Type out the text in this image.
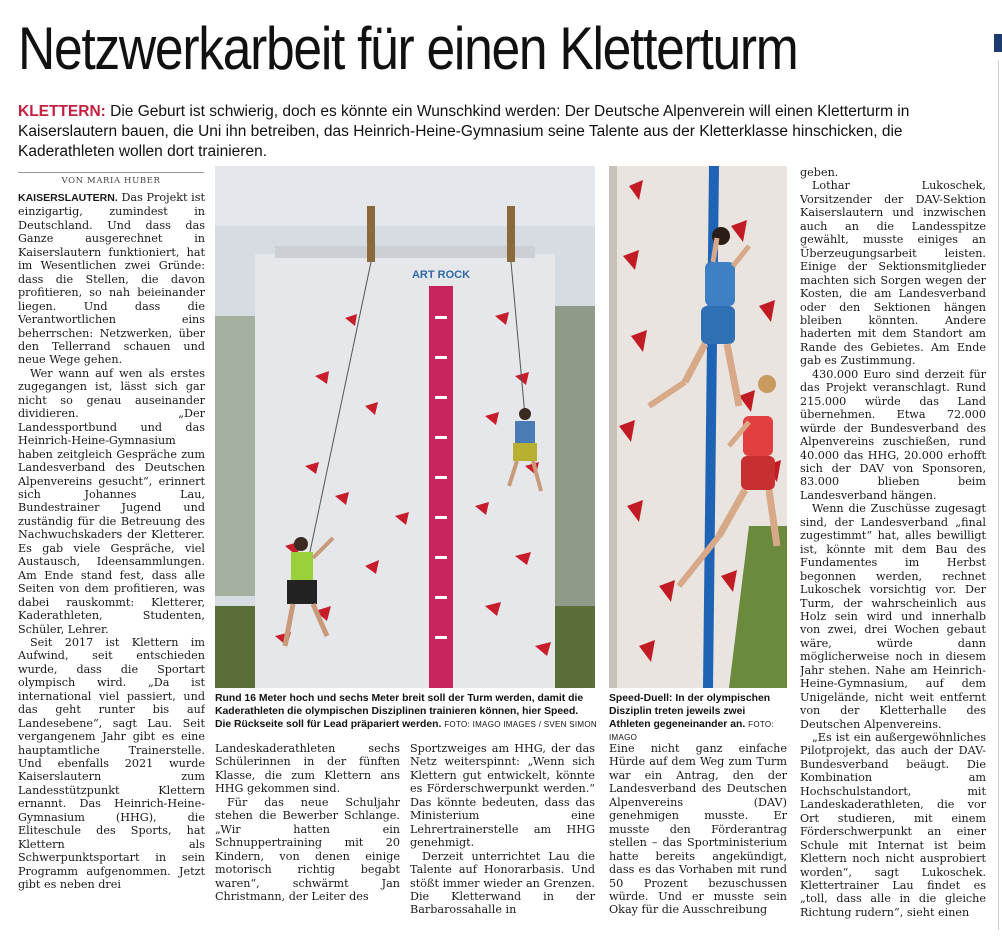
Netzwerkarbeit für einen Kletterturm

KLETTERN: Die Geburt ist schwierig, doch es könnte ein Wunschkind werden: Der Deutsche Alpenverein will einen Kletterturm in Kaiserslautern bauen, die Uni ihn betreiben, das Heinrich-Heine-Gymnasium seine Talente aus der Kletterklasse hinschicken, die Kaderathleten wollen dort trainieren.

VON MARIA HUBER

KAISERSLAUTERN. Das Projekt ist einzigartig, zumindest in Deutschland. Und dass das Ganze ausgerechnet in Kaiserslautern funktioniert, hat im Wesentlichen zwei Gründe: dass die Stellen, die davon profitieren, so nah beieinander liegen. Und dass die Verantwortlichen eins beherrschen: Netzwerken, über den Tellerrand schauen und neue Wege gehen.

Wer wann auf wen als erstes zugegangen ist, lässt sich gar nicht so genau auseinander dividieren. „Der Landessportbund und das Heinrich-Heine-Gymnasium haben zeitgleich Gespräche zum Landesverband des Deutschen Alpenvereins gesucht“, erinnert sich Johannes Lau, Bundestrainer Jugend und zuständig für die Betreuung des Nachwuchskaders der Kletterer. Es gab viele Gespräche, viel Austausch, Ideensammlungen. Am Ende stand fest, dass alle Seiten von dem profitieren, was dabei rauskommt: Kletterer, Kaderathleten, Studenten, Schüler, Lehrer.

Seit 2017 ist Klettern im Aufwind, seit entschieden wurde, dass die Sportart olympisch wird. „Da ist international viel passiert, und das geht runter bis auf Landesebene“, sagt Lau. Seit vergangenem Jahr gibt es eine hauptamtliche Trainerstelle. Und ebenfalls 2021 wurde Kaiserslautern zum Landesstützpunkt Klettern ernannt. Das Heinrich-Heine-Gymnasium (HHG), die Eliteschule des Sports, hat Klettern als Schwerpunktsportart in sein Programm aufgenommen. Jetzt gibt es neben drei

Landeskaderathleten sechs Schülerinnen in der fünften Klasse, die zum Klettern ans HHG gekommen sind.

Für das neue Schuljahr stehen die Bewerber Schlange. „Wir hatten ein Schnuppertraining mit 20 Kindern, von denen einige motorisch richtig begabt waren“, schwärmt Jan Christmann, der Leiter des

Sportzweiges am HHG, der das Netz weiterspinnt: „Wenn sich Klettern gut entwickelt, könnte es Förderschwerpunkt werden.“ Das könnte bedeuten, dass das Ministerium eine Lehrertrainerstelle am HHG genehmigt.

Derzeit unterrichtet Lau die Talente auf Honorarbasis. Und stößt immer wieder an Grenzen. Die Kletterwand in der Barbarossahalle in

Eine nicht ganz einfache Hürde auf dem Weg zum Turm war ein Antrag, den der Landesverband des Deutschen Alpenvereins (DAV) genehmigen musste. Er musste den Förderantrag stellen – das Sportministerium hatte bereits angekündigt, dass es das Vorhaben mit rund 50 Prozent bezuschussen würde. Und er musste sein Okay für die Ausschreibung

geben.

Lothar Lukoschek, Vorsitzender der DAV-Sektion Kaiserslautern und inzwischen auch an die Landesspitze gewählt, musste einiges an Überzeugungsarbeit leisten. Einige der Sektionsmitglieder machten sich Sorgen wegen der Kosten, die am Landesverband oder den Sektionen hängen bleiben könnten. Andere haderten mit dem Standort am Rande des Gebietes. Am Ende gab es Zustimmung.

430.000 Euro sind derzeit für das Projekt veranschlagt. Rund 215.000 würde das Land übernehmen. Etwa 72.000 würde der Bundesverband des Alpenvereins zuschießen, rund 40.000 das HHG, 20.000 erhofft sich der DAV von Sponsoren, 83.000 blieben beim Landesverband hängen.

Wenn die Zuschüsse zugesagt sind, der Landesverband „final zugestimmt“ hat, alles bewilligt ist, könnte mit dem Bau des Fundamentes im Herbst begonnen werden, rechnet Lukoschek vorsichtig vor. Der Turm, der wahrscheinlich aus Holz sein wird und innerhalb von zwei, drei Wochen gebaut wäre, würde dann möglicherweise noch in diesem Jahr stehen. Nahe am Heinrich-Heine-Gymnasium, auf dem Unigelände, nicht weit entfernt von der Kletterhalle des Deutschen Alpenvereins.

„Es ist ein außergewöhnliches Pilotprojekt, das auch der DAV-Bundesverband beäugt. Die Kombination am Hochschulstandort, mit Landeskaderathleten, die vor Ort studieren, mit einem Förderschwerpunkt an einer Schule mit Internat ist beim Klettern noch nicht ausprobiert worden“, sagt Lukoschek. Klettertrainer Lau findet es „toll, dass alle in die gleiche Richtung rudern“, sieht einen

ART ROCK

Rund 16 Meter hoch und sechs Meter breit soll der Turm werden, damit die Kaderathleten die olympischen Disziplinen trainieren können, hier Speed. Die Rückseite soll für Lead präpariert werden. FOTO: IMAGO IMAGES / SVEN SIMON

Speed-Duell: In der olympischen Disziplin treten jeweils zwei Athleten gegeneinander an. FOTO: IMAGO
